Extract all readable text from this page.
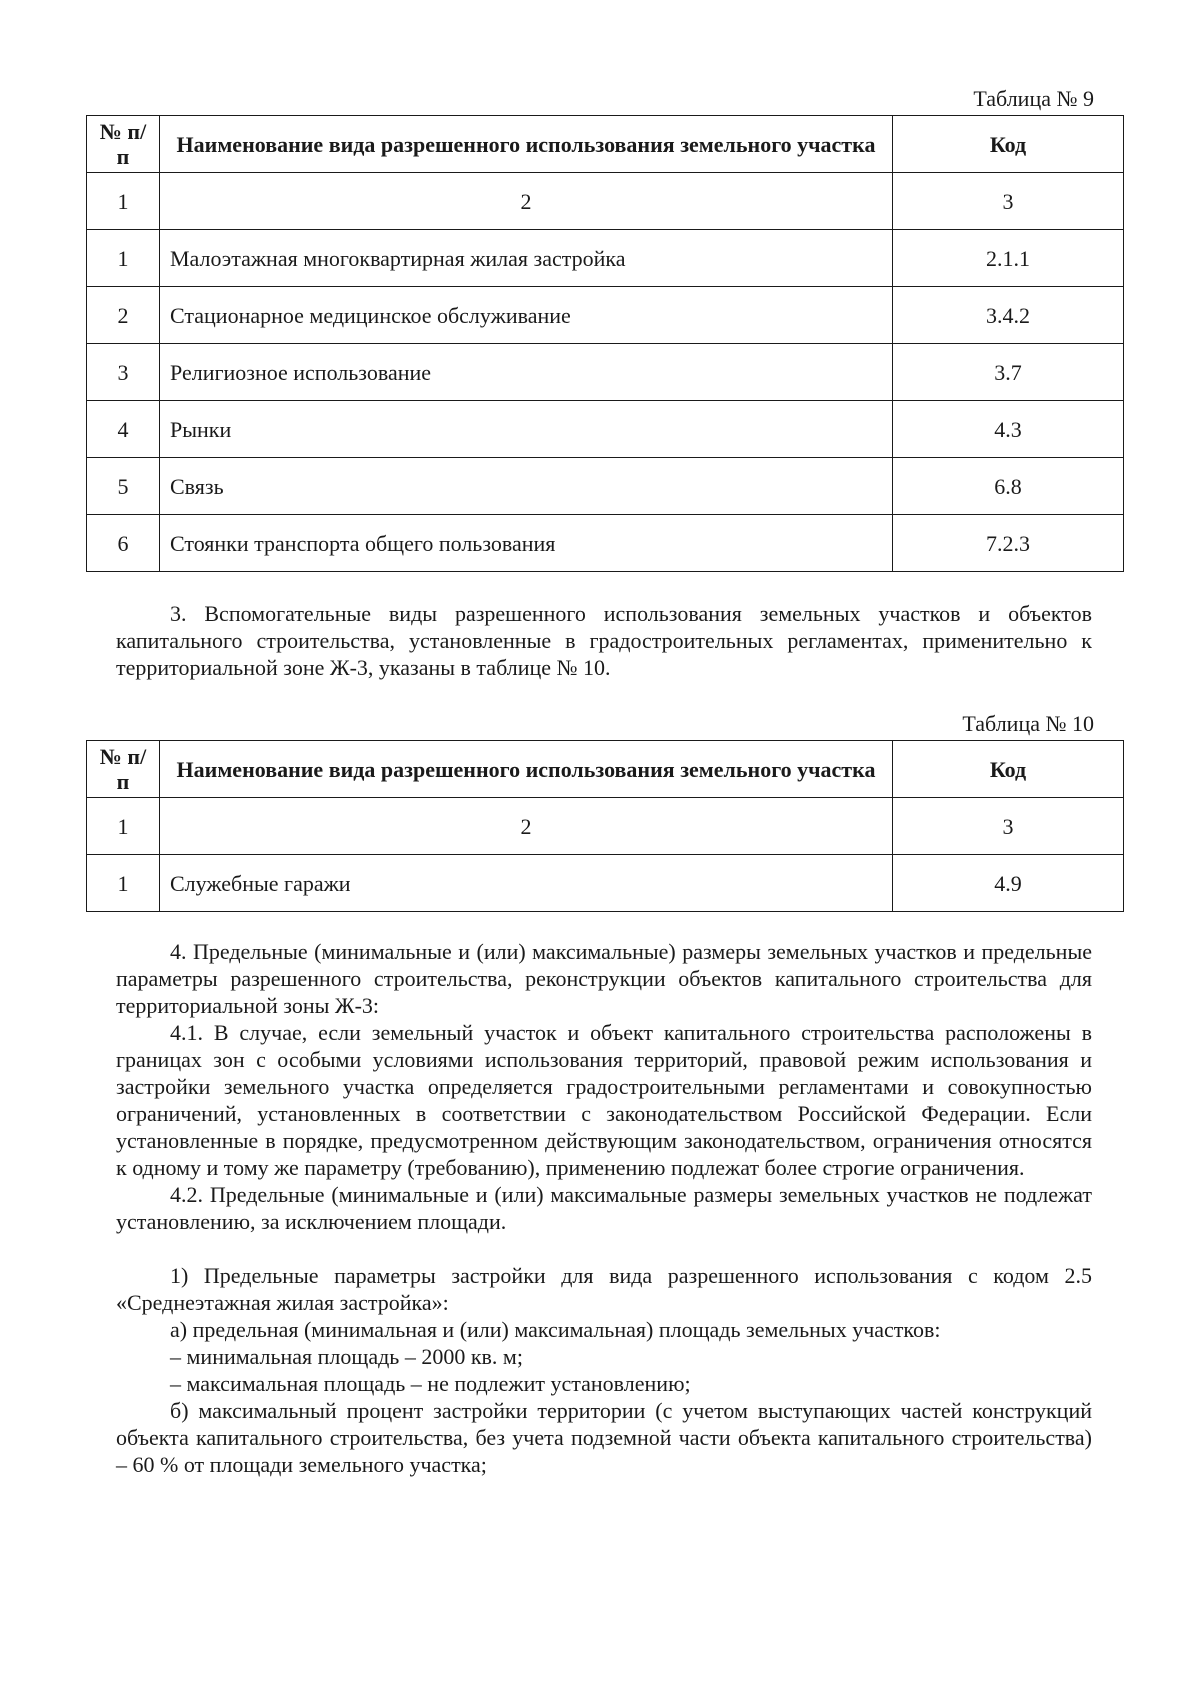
Таблица № 9
№ п/п	Наименование вида разрешенного использования земельного участка	Код
1	2	3
1	Малоэтажная многоквартирная жилая застройка	2.1.1
2	Стационарное медицинское обслуживание	3.4.2
3	Религиозное использование	3.7
4	Рынки	4.3
5	Связь	6.8
6	Стоянки транспорта общего пользования	7.2.3

3. Вспомогательные виды разрешенного использования земельных участков и объектов капитального строительства, установленные в градостроительных регламентах, применительно к территориальной зоне Ж-3, указаны в таблице № 10.

Таблица № 10
№ п/п	Наименование вида разрешенного использования земельного участка	Код
1	2	3
1	Служебные гаражи	4.9

4. Предельные (минимальные и (или) максимальные) размеры земельных участков и предельные параметры разрешенного строительства, реконструкции объектов капитального строительства для территориальной зоны Ж-3:

4.1. В случае, если земельный участок и объект капитального строительства расположены в границах зон с особыми условиями использования территорий, правовой режим использования и застройки земельного участка определяется градостроительными регламентами и совокупностью ограничений, установленных в соответствии с законодательством Российской Федерации. Если установленные в порядке, предусмотренном действующим законодательством, ограничения относятся к одному и тому же параметру (требованию), применению подлежат более строгие ограничения.

4.2. Предельные (минимальные и (или) максимальные размеры земельных участков не подлежат установлению, за исключением площади.

1) Предельные параметры застройки для вида разрешенного использования с кодом 2.5 «Среднеэтажная жилая застройка»:

а) предельная (минимальная и (или) максимальная) площадь земельных участков:

– минимальная площадь – 2000 кв. м;

– максимальная площадь – не подлежит установлению;

б) максимальный процент застройки территории (с учетом выступающих частей конструкций объекта капитального строительства, без учета подземной части объекта капитального строительства) – 60 % от площади земельного участка;
